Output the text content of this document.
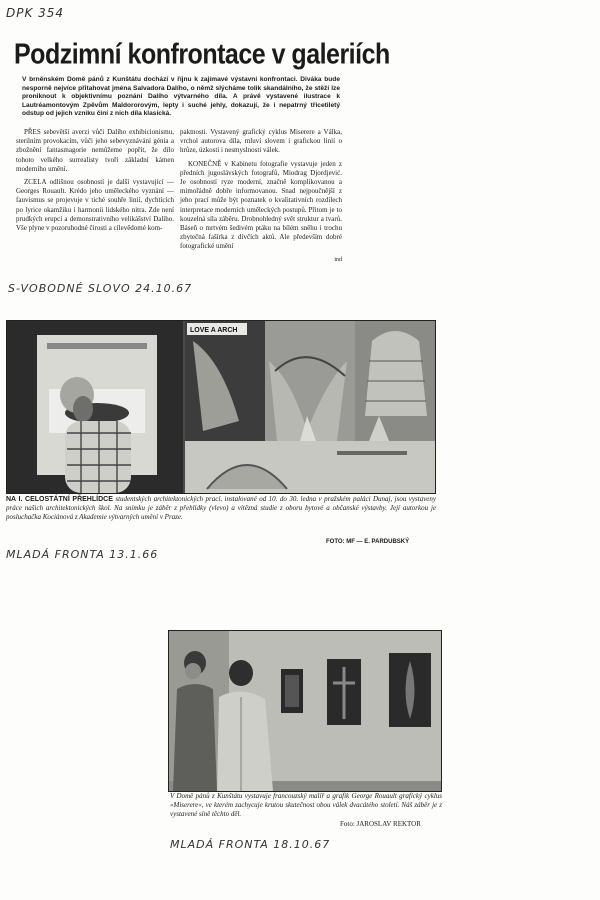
DPK 354
Podzimní konfrontace v galeriích
V brněnském Domě pánů z Kunštátu dochází v říjnu k zajímavé výstavní konfrontaci. Diváka bude nesporně nejvíce přitahovat jména Salvadora Dalího, o němž slýcháme tolik skandálního, že stěží lze proniknout k objektivnímu poznání Dalího výtvarného díla. A právě vystavené ilustrace k Lautréamontovým Zpěvům Maldororovým, lepty i suché jehly, dokazují, že i nepatrný třicetiletý odstup od jejich vzniku činí z nich díla klasická.

PŘES sebevětší averzi vůči Dalího exhibicionismu, sterilním provokacím, vůči jeho sebevyznávání génia a zbožnění fantasmagorie nemůžeme popřít, že dílo tohoto velkého surrealisty tvoří základní kámen moderního umění.

ZCELA odlišnou osobností je další vystavující — Georges Rouault. Krédo jeho uměleckého vyznání — fauvismus se projevuje v tiché souhře linií, dychtících po lyrice okamžiku i harmonii lidského nitra. Zde není prudkých erupcí a demonstrativního velikášství Dalího. Vše plyne v pozoruhodné čirosti a cílevědomé kom-

paktnosti. Vystavený grafický cyklus Miserere a Válka, vrchol autorova díla, mluví slovem i grafickou linií o hrůze, úzkosti i nesmyslnosti válek.

KONEČNĚ v Kabinetu fotografie vystavuje jeden z předních jugoslávských fotografů, Miodrag Djordjević. Je osobností ryze moderní, značně komplikovanou a mimořádně dobře informovanou. Snad nejpoučnější z jeho prací může být poznatek o kvalitativních rozdílech interpretace moderních uměleckých postupů. Přitom je to kouzelná síla záběru. Drobnohledný svět struktur a tvarů. Báseň o mrtvém šedivém ptáku na bílém sněhu i trochu zbytečná fašírka z dívčích aktů. Ale především dobré fotografické umění

ind
S-VOBODNÉ SLOVO 24.10.67
LOVE A ARCH
NA I. CELOSTÁTNÍ PŘEHLÍDCE studentských architektonických prací, instalované od 10. do 30. ledna v pražském paláci Dunaj, jsou vystaveny práce našich architektonických škol. Na snímku je záběr z přehlídky (vlevo) a vítězná studie z oboru bytové a občanské výstavby. Její autorkou je posluchačka Kociánová z Akademie výtvarných umění v Praze.
FOTO: MF — E. PARDUBSKÝ
MLADÁ FRONTA 13.1.66
V Domě pánů z Kunštátu vystavuje francouzský malíř a grafik George Rouault grafický cyklus »Miserere«, ve kterém zachycuje krutou skutečnost obou válek dvacátého století. Náš záběr je z vystavené síně těchto děl.
Foto: JAROSLAV REKTOR
MLADÁ FRONTA 18.10.67
